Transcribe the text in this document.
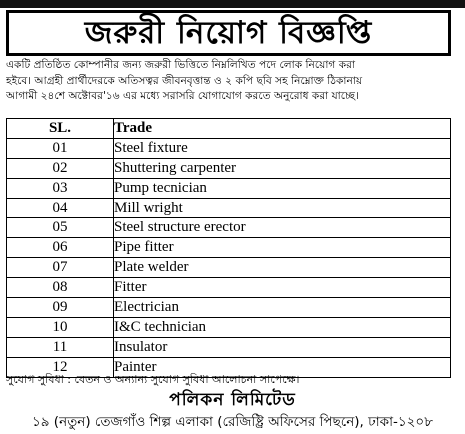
জরুরী নিয়োগ বিজ্ঞপ্তি
একটি প্রতিষ্ঠিত কোম্পানীর জন্য জরুরী ভিত্তিতে নিম্নলিখিত পদে লোক নিয়োগ করা
হইবে। আগ্রহী প্রার্থীদেরকে অতিসত্বর জীবনবৃত্তান্ত ও ২ কপি ছবি সহ নিম্নোক্ত ঠিকানায়
আগামী ২৪শে অক্টোবর'১৬ এর মধ্যে সরাসরি যোগাযোগ করতে অনুরোধ করা যাচ্ছে।
SL.	Trade
01	Steel fixture
02	Shuttering carpenter
03	Pump tecnician
04	Mill wright
05	Steel structure erector
06	Pipe fitter
07	Plate welder
08	Fitter
09	Electrician
10	I&C technician
11	Insulator
12	Painter
সুযোগ সুবিধা : বেতন ও অন্যান্য সুযোগ সুবিধা আলোচনা সাপেক্ষে।
পলিকন লিমিটেড
১৯ (নতুন) তেজগাঁও শিল্প এলাকা (রেজিষ্ট্রি অফিসের পিছনে), ঢাকা-১২০৮
